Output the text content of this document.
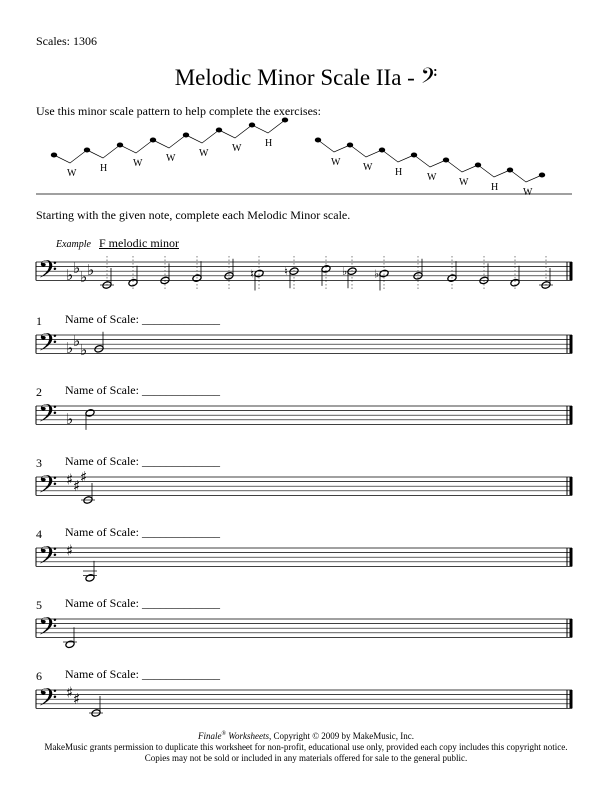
Scales: 1306
Melodic Minor Scale IIa - 𝄢
Use this minor scale pattern to help complete the exercises:
Starting with the given note, complete each Melodic Minor scale.
Example F melodic minor
1 Name of Scale: _____________
2 Name of Scale: _____________
3 Name of Scale: _____________
4 Name of Scale: _____________
5 Name of Scale: _____________
6 Name of Scale: _____________
W H	W W W W H
W W H W W H W
𝄢 ♭ ♭
♭ ♭	♮	♮	♭ ♭
𝄢 ♭ ♭
♭
𝄢 ♭
𝄢 ♯ ♯
♯
𝄢 ♯
𝄢
𝄢 ♯ ♯
Finale® Worksheets, Copyright © 2009 by MakeMusic, Inc.
MakeMusic grants permission to duplicate this worksheet for non-profit, educational use only, provided each copy includes this copyright notice.
Copies may not be sold or included in any materials offered for sale to the general public.
